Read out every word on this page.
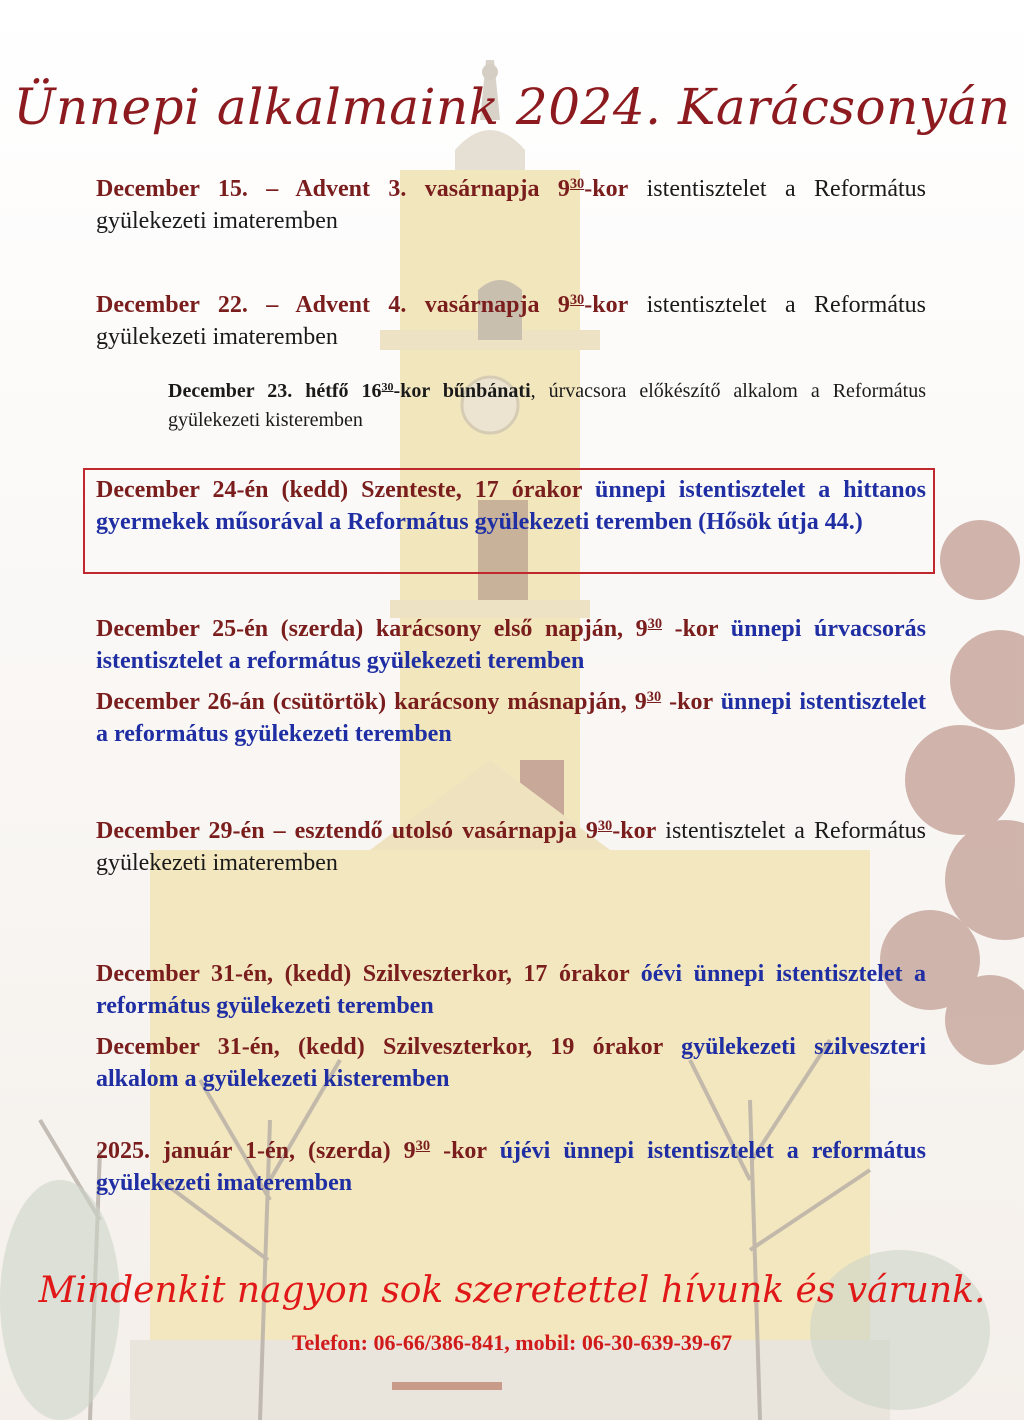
Ünnepi alkalmaink 2024. Karácsonyán

December 15. – Advent 3. vasárnapja $9^{30}$-kor istentisztelet a Református gyülekezeti imateremben

December 22. – Advent 4. vasárnapja $9^{30}$-kor istentisztelet a Református gyülekezeti imateremben

December 23. hétfő $16^{30}$-kor bűnbánati, úrvacsora előkészítő alkalom a Református gyülekezeti kisteremben

December 24-én (kedd) Szenteste, 17 órakor ünnepi istentisztelet a hittanos gyermekek műsorával a Református gyülekezeti teremben (Hősök útja 44.)

December 25-én (szerda) karácsony első napján, $9^{30}$ -kor ünnepi úrvacsorás istentisztelet a református gyülekezeti teremben

December 26-án (csütörtök) karácsony másnapján, $9^{30}$ -kor ünnepi istentisztelet a református gyülekezeti teremben

December 29-én – esztendő utolsó vasárnapja $9^{30}$-kor istentisztelet a Református gyülekezeti imateremben

December 31-én, (kedd) Szilveszterkor, 17 órakor óévi ünnepi istentisztelet a református gyülekezeti teremben

December 31-én, (kedd) Szilveszterkor, 19 órakor gyülekezeti szilveszteri alkalom a gyülekezeti kisteremben

2025. január 1-én, (szerda) $9^{30}$ -kor újévi ünnepi istentisztelet a református gyülekezeti imateremben

Mindenkit nagyon sok szeretettel hívunk és várunk.

Telefon: 06-66/386-841, mobil: 06-30-639-39-67
